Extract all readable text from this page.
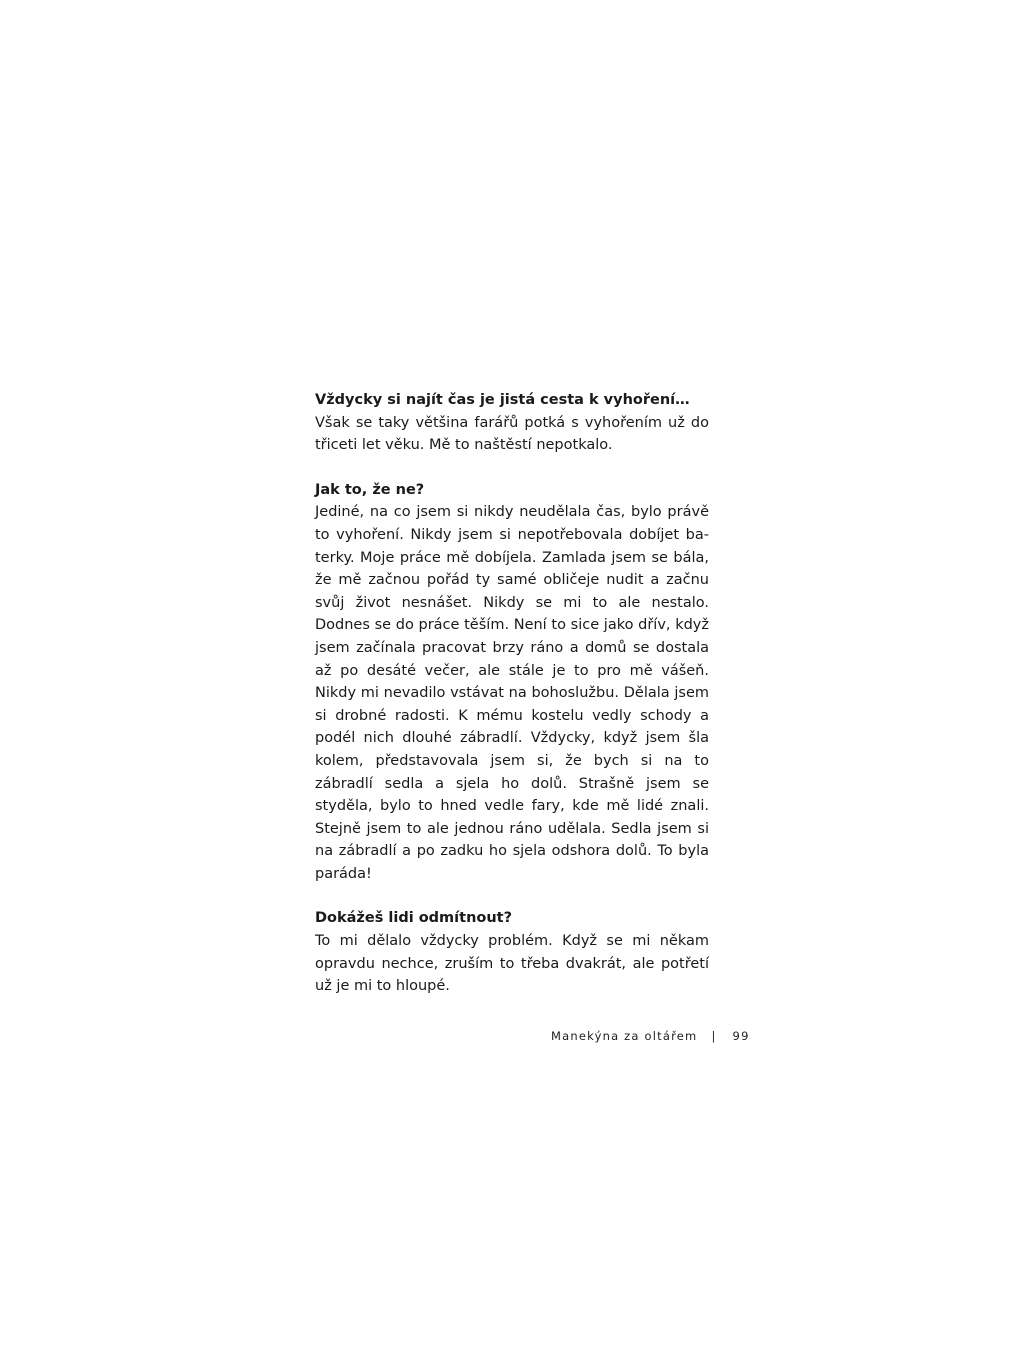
Vždycky si najít čas je jistá cesta k vyhoření…

Však se taky většina farářů potká s vyhořením už do třiceti let věku. Mě to naštěstí nepotkalo.

Jak to, že ne?

Jediné, na co jsem si nikdy neudělala čas, bylo právě to vyhoření. Nikdy jsem si nepotřebovala dobíjet baterky. Moje práce mě dobíjela. Zamlada jsem se bála, že mě začnou pořád ty samé obličeje nudit a začnu svůj život nesnášet. Nikdy se mi to ale nestalo. Dodnes se do práce těším. Není to sice jako dřív, když jsem začínala pracovat brzy ráno a domů se dostala až po desáté večer, ale stále je to pro mě vášeň. Nikdy mi nevadilo vstávat na bohoslužbu. Dělala jsem si drobné radosti. K mému kostelu vedly schody a podél nich dlouhé zábradlí. Vždycky, když jsem šla kolem, představovala jsem si, že bych si na to zábradlí sedla a sjela ho dolů. Strašně jsem se styděla, bylo to hned vedle fary, kde mě lidé znali. Stejně jsem to ale jednou ráno udělala. Sedla jsem si na zábradlí a po zadku ho sjela odshora dolů. To byla paráda!

Dokážeš lidi odmítnout?

To mi dělalo vždycky problém. Když se mi někam opravdu nechce, zruším to třeba dvakrát, ale potřetí už je mi to hloupé.

Manekýna za oltářem | 99
